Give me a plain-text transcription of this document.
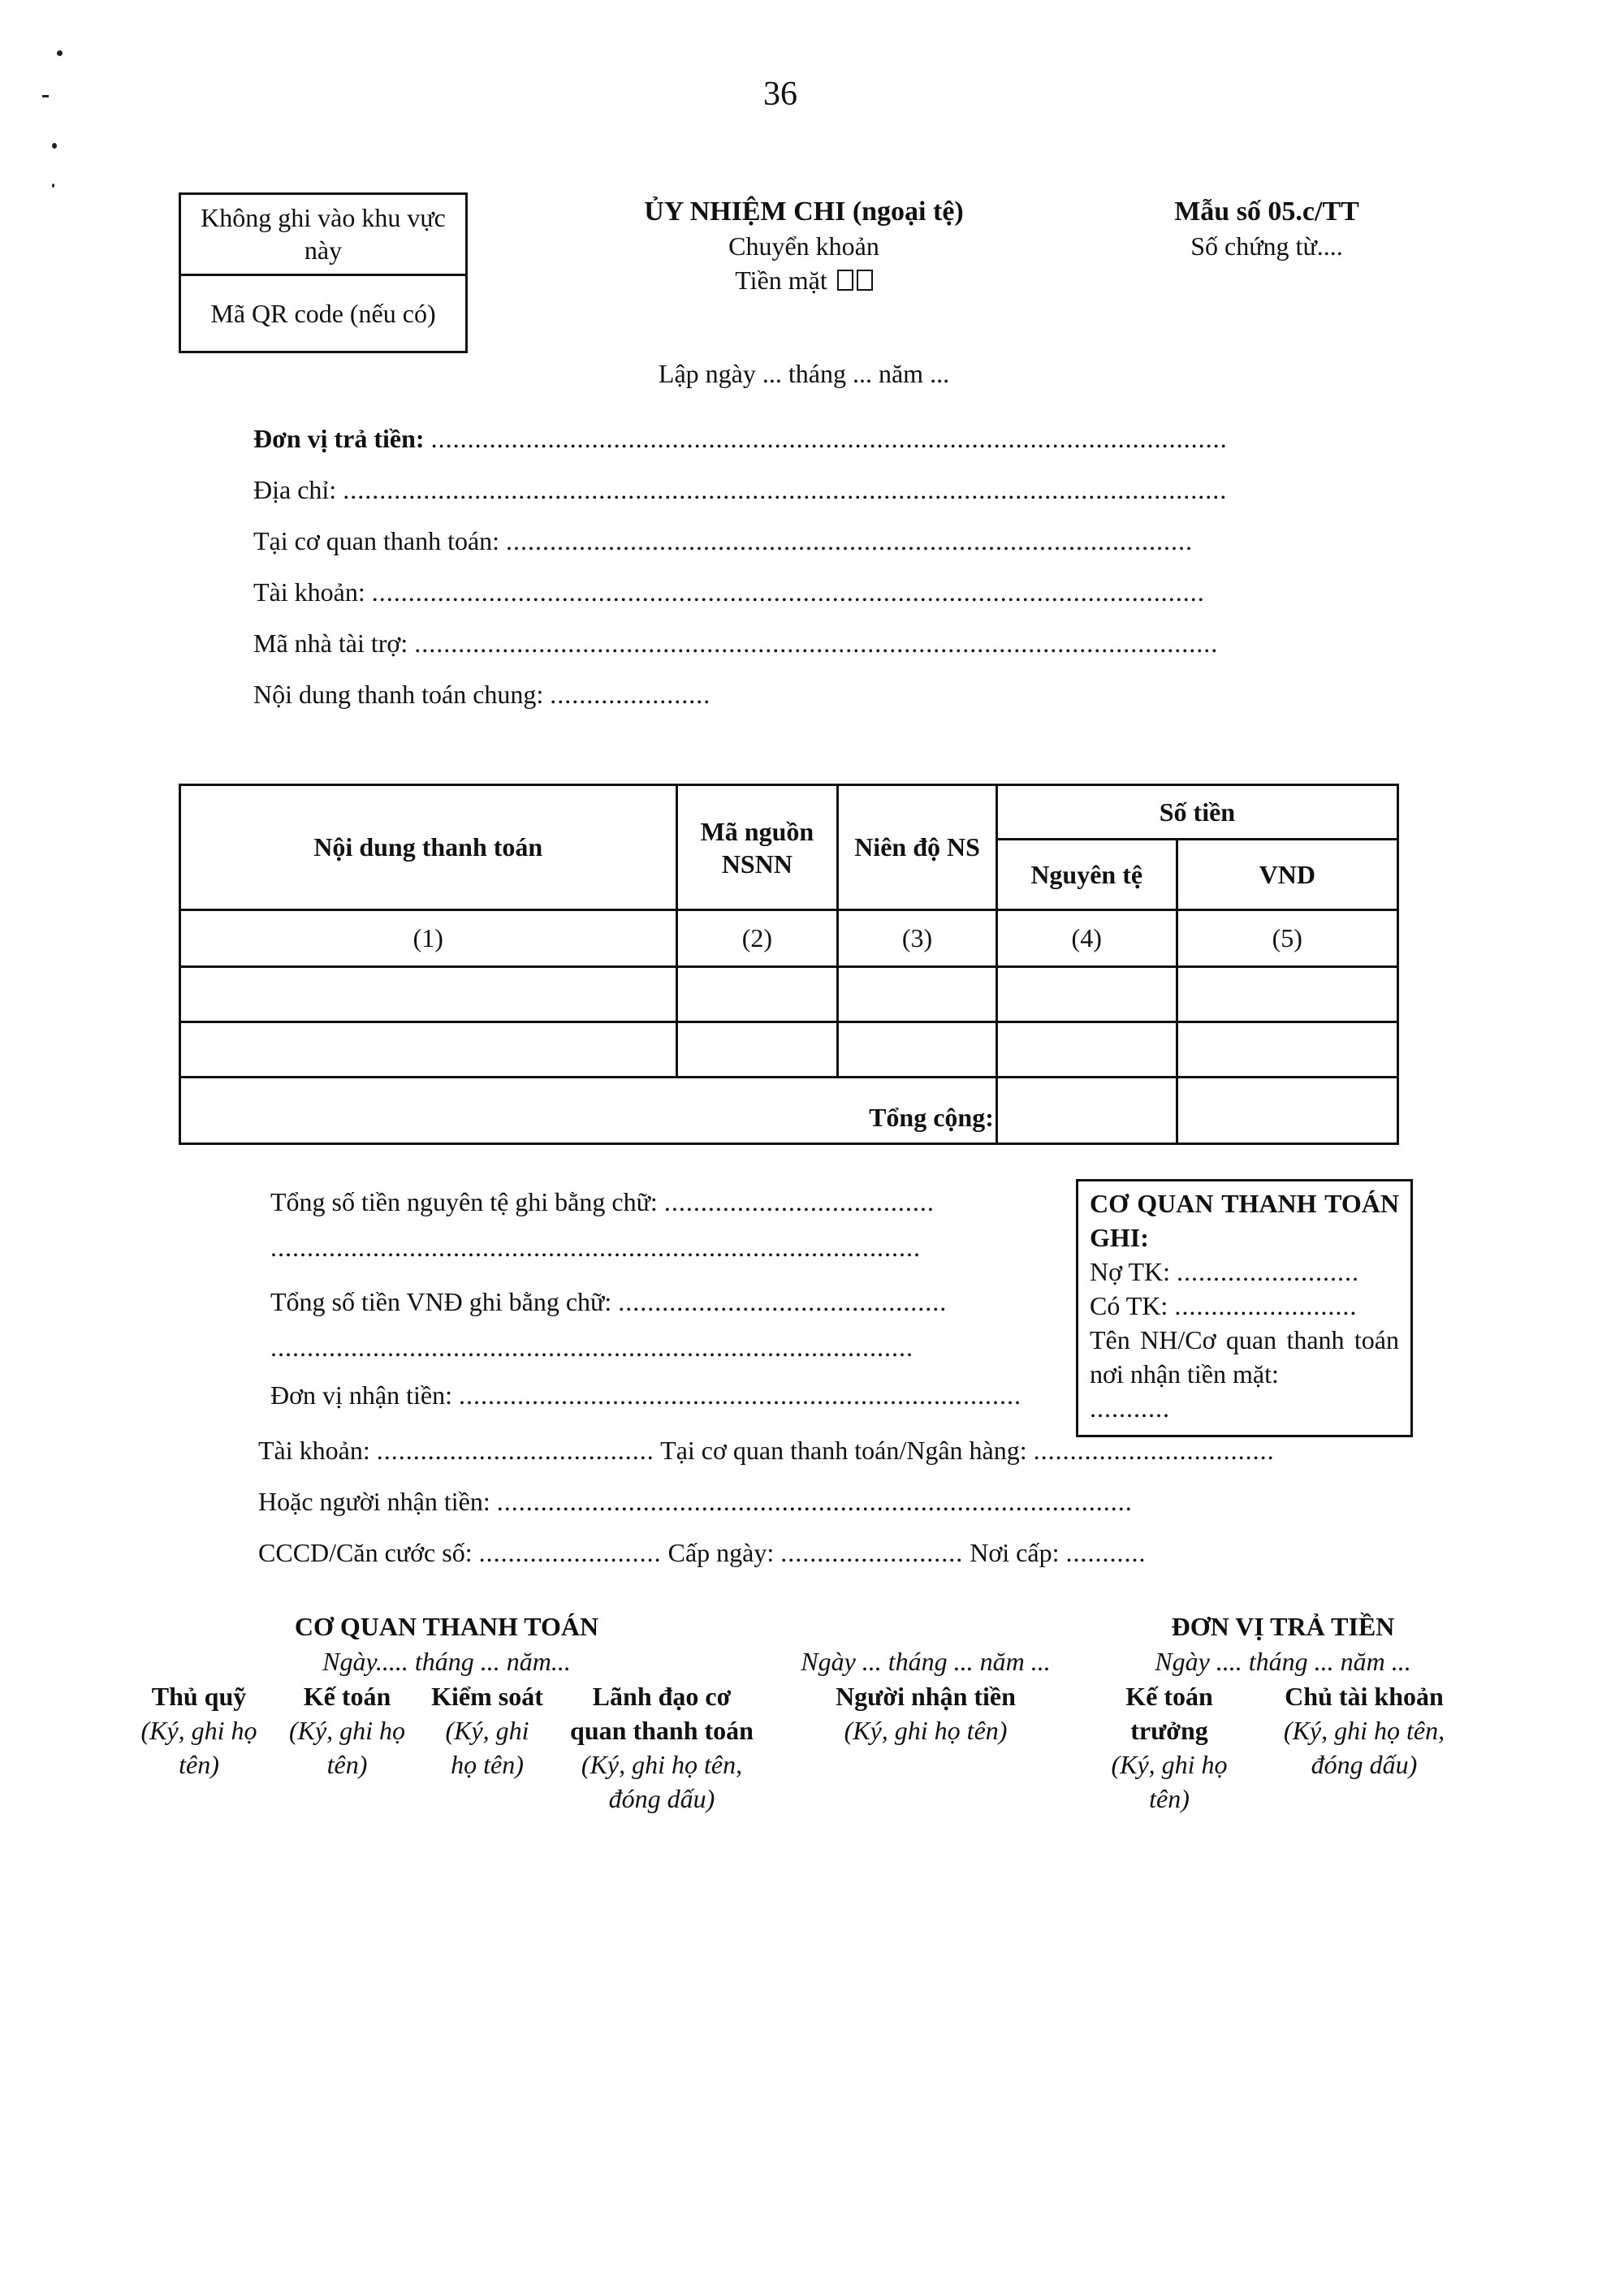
36
Không ghi vào khu vực này
Mã QR code (nếu có)
ỦY NHIỆM CHI (ngoại tệ)
Chuyển khoản
Tiền mặt
Mẫu số 05.c/TT
Số chứng từ....
Lập ngày ... tháng ... năm ...
Đơn vị trả tiền: .............................................................................................................
Địa chỉ: .........................................................................................................................
Tại cơ quan thanh toán: ..............................................................................................
Tài khoản: ..................................................................................................................
Mã nhà tài trợ: ..............................................................................................................
Nội dung thanh toán chung: ......................
Nội dung thanh toán	Mã nguồn NSNN	Niên độ NS	Số tiền	
			Nguyên tệ	VND
(1)	(2)	(3)	(4)	(5)

Tổng cộng:				
Tổng số tiền nguyên tệ ghi bằng chữ: .....................................
.........................................................................................
Tổng số tiền VNĐ ghi bằng chữ: .............................................
........................................................................................
Đơn vị nhận tiền: .............................................................................
CƠ QUAN THANH TOÁN GHI:
Nợ TK: .........................
Có TK: .........................
Tên NH/Cơ quan thanh toán nơi nhận tiền mặt:
...........
Tài khoản: ...................................... Tại cơ quan thanh toán/Ngân hàng: .................................
Hoặc người nhận tiền: .......................................................................................
CCCD/Căn cước số: ......................... Cấp ngày: ......................... Nơi cấp: ...........
CƠ QUAN THANH TOÁN
Ngày..... tháng ... năm...
Thủ quỹ
(Ký, ghi họ tên)
Kế toán
(Ký, ghi họ tên)
Kiểm soát
(Ký, ghi họ tên)
Lãnh đạo cơ quan thanh toán
(Ký, ghi họ tên, đóng dấu)
Ngày ... tháng ... năm ...
Người nhận tiền
(Ký, ghi họ tên)
ĐƠN VỊ TRẢ TIỀN
Ngày .... tháng ... năm ...
Kế toán trưởng
(Ký, ghi họ tên)
Chủ tài khoản
(Ký, ghi họ tên, đóng dấu)
